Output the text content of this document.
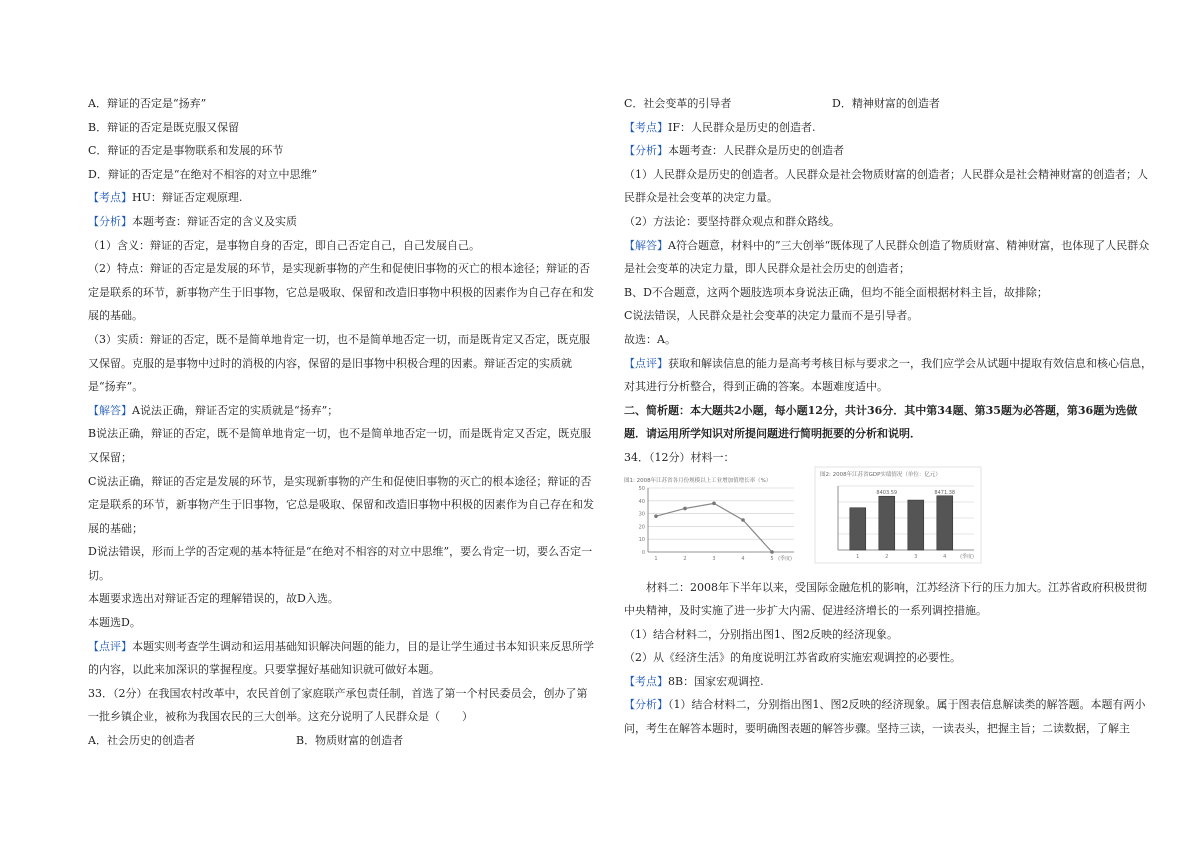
A．辩证的否定是“扬弃”
B．辩证的否定是既克服又保留
C．辩证的否定是事物联系和发展的环节
D．辩证的否定是“在绝对不相容的对立中思维”
【考点】HU：辩证否定观原理.
【分析】本题考查：辩证否定的含义及实质
（1）含义：辩证的否定，是事物自身的否定，即自己否定自己，自己发展自己。
（2）特点：辩证的否定是发展的环节，是实现新事物的产生和促使旧事物的灭亡的根本途径；辩证的否定是联系的环节，新事物产生于旧事物，它总是吸取、保留和改造旧事物中积极的因素作为自己存在和发展的基础。
（3）实质：辩证的否定，既不是简单地肯定一切，也不是简单地否定一切，而是既肯定又否定，既克服又保留。克服的是事物中过时的消极的内容，保留的是旧事物中积极合理的因素。辩证否定的实质就是“扬弃”。
【解答】A说法正确，辩证否定的实质就是“扬弃”；
B说法正确，辩证的否定，既不是简单地肯定一切，也不是简单地否定一切，而是既肯定又否定，既克服又保留；
C说法正确，辩证的否定是发展的环节，是实现新事物的产生和促使旧事物的灭亡的根本途径；辩证的否定是联系的环节，新事物产生于旧事物，它总是吸取、保留和改造旧事物中积极的因素作为自己存在和发展的基础；
D说法错误，形而上学的否定观的基本特征是“在绝对不相容的对立中思维”，要么肯定一切，要么否定一切。
本题要求选出对辩证否定的理解错误的，故D入选。
本题选D。
【点评】本题实则考查学生调动和运用基础知识解决问题的能力，目的是让学生通过书本知识来反思所学的内容，以此来加深识的掌握程度。只要掌握好基础知识就可做好本题。
33．（2分）在我国农村改革中，农民首创了家庭联产承包责任制，首选了第一个村民委员会，创办了第一批乡镇企业，被称为我国农民的三大创举。这充分说明了人民群众是（　　）
A．社会历史的创造者	B．物质财富的创造者
C．社会变革的引导者	D．精神财富的创造者
【考点】IF：人民群众是历史的创造者.
【分析】本题考查：人民群众是历史的创造者
（1）人民群众是历史的创造者。人民群众是社会物质财富的创造者；人民群众是社会精神财富的创造者；人民群众是社会变革的决定力量。
（2）方法论：要坚持群众观点和群众路线。
【解答】A符合题意，材料中的”三大创举“既体现了人民群众创造了物质财富、精神财富，也体现了人民群众是社会变革的决定力量，即人民群众是社会历史的创造者；
B、D不合题意，这两个题肢选项本身说法正确，但均不能全面根据材料主旨，故排除；
C说法错误，人民群众是社会变革的决定力量而不是引导者。
故选：A。
【点评】获取和解读信息的能力是高考考核目标与要求之一，我们应学会从试题中提取有效信息和核心信息，对其进行分析整合，得到正确的答案。本题难度适中。
二、简析题：本大题共2小题，每小题12分，共计36分．其中第34题、第35题为必答题，第36题为选做题．请运用所学知识对所提问题进行简明扼要的分析和说明．
34．（12分）材料一：
图1: 2008年江苏省各月份规模以上工业增加值增长率（%）
0
10
20
30
40
50
1	2	3	4	5 (季度)
图2: 2008年江苏省GDP实绩情况（单位：亿元）
1	2
8403.59
3	4
8471.38
(季度)
材料二：2008年下半年以来，受国际金融危机的影响，江苏经济下行的压力加大。江苏省政府积极贯彻中央精神，及时实施了进一步扩大内需、促进经济增长的一系列调控措施。
（1）结合材料二，分别指出图1、图2反映的经济现象。
（2）从《经济生活》的角度说明江苏省政府实施宏观调控的必要性。
【考点】8B：国家宏观调控.
【分析】（1）结合材料二，分别指出图1、图2反映的经济现象。属于图表信息解读类的解答题。本题有两小问，考生在解答本题时，要明确图表题的解答步骤。坚持三读，一读表头，把握主旨；二读数据，了解主
